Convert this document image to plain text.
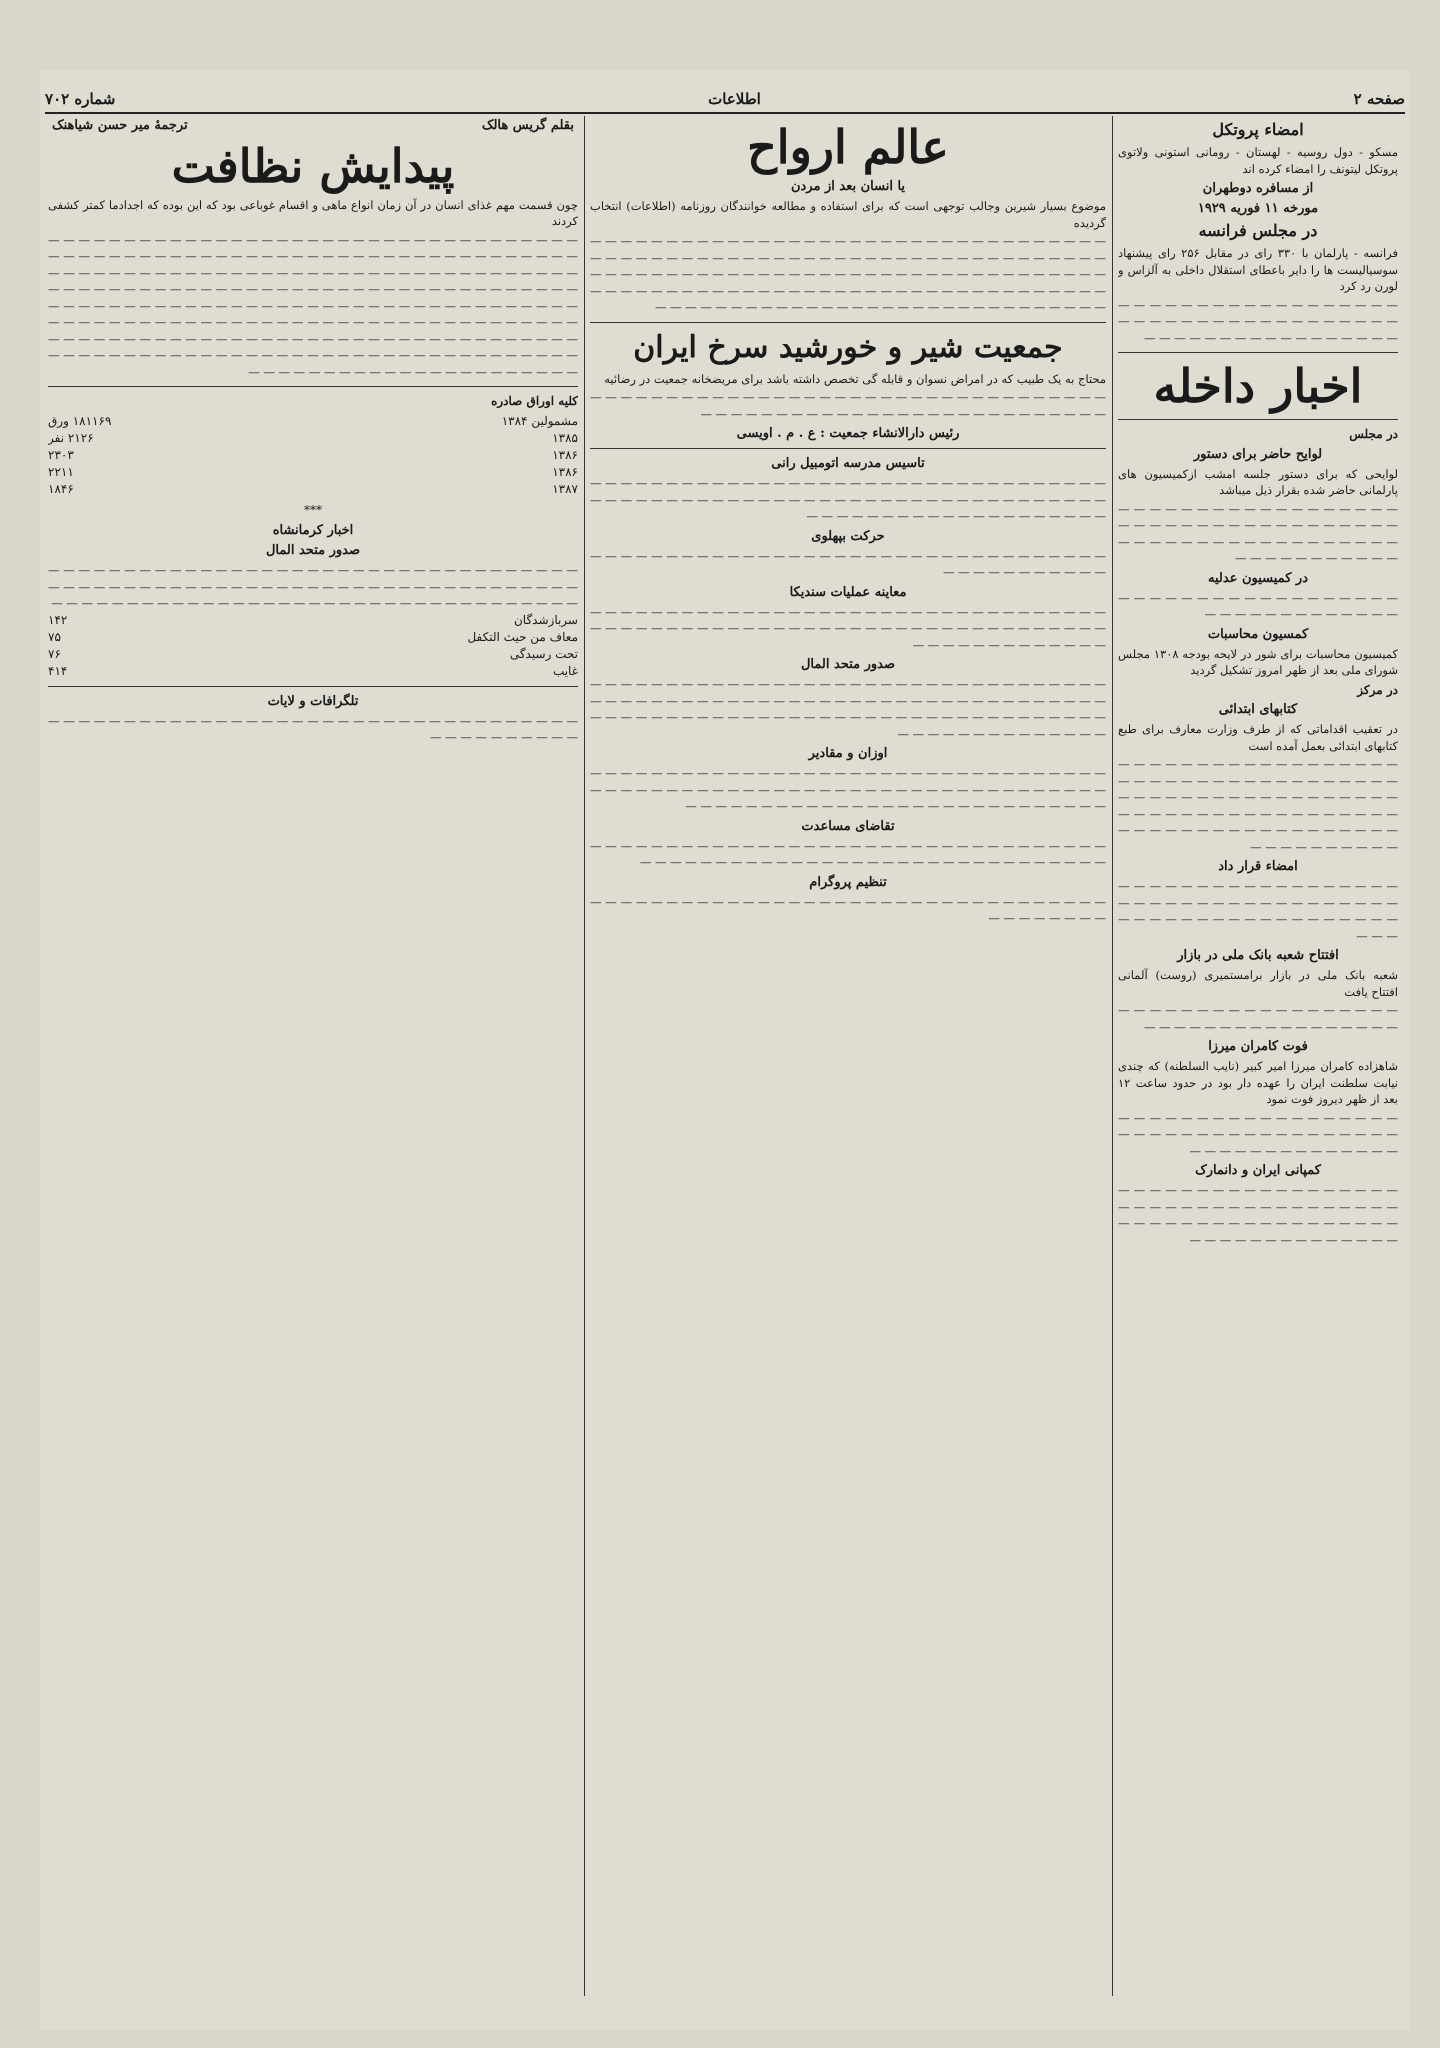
صفحه ۲
اطلاعات
شماره ۷۰۲
امضاء پروتکل

مسکو - دول روسیه - لهستان - رومانی استونی ولاتوی پروتکل لیتونف را امضاء کرده اند

از مسافره دوطهران
مورخه ۱۱ فوریه ۱۹۲۹
در مجلس فرانسه

فرانسه - پارلمان با ۳۳۰ رای در مقابل ۲۵۶ رای پیشنهاد سوسیالیست ها را دایر باعطای استقلال داخلی به آلزاس و لورن رد کرد

— — — — — — — — — — — — — — — — — — — — — — — — — — — — — — — — — — — — — — — — — — — — — — — — — — — — —

اخبار داخله
در مجلس
لوایح حاضر برای دستور

لوایحی که برای دستور جلسه امشب ازکمیسیون های پارلمانی حاضر شده بقرار ذیل میباشد

— — — — — — — — — — — — — — — — — — — — — — — — — — — — — — — — — — — — — — — — — — — — — — — — — — — — — — — — — — — — — — — — —

در کمیسیون عدلیه

— — — — — — — — — — — — — — — — — — — — — — — — — — — — — — —

کمسیون محاسبات

کمیسیون محاسبات برای شور در لایحه بودجه ۱۳۰۸ مجلس شورای ملی بعد از ظهر امروز تشکیل گردید

در مرکز
کتابهای ابتدائی

در تعقیب اقداماتی که از طرف وزارت معارف برای طبع کتابهای ابتدائی بعمل آمده است

— — — — — — — — — — — — — — — — — — — — — — — — — — — — — — — — — — — — — — — — — — — — — — — — — — — — — — — — — — — — — — — — — — — — — — — — — — — — — — — — — — — — — — — — — — — — — — — — — — — —

امضاء قرار داد

— — — — — — — — — — — — — — — — — — — — — — — — — — — — — — — — — — — — — — — — — — — — — — — — — — — — — — — — —

افتتاح شعبه بانک ملی در بازار

شعبه بانک ملی در بازار برامستمیری (روست) آلمانی افتتاح یافت

— — — — — — — — — — — — — — — — — — — — — — — — — — — — — — — — — — —

فوت کامران میرزا

شاهزاده کامران میرزا امیر کبیر (نایب السلطنه) که چندی نیابت سلطنت ایران را عهده دار بود در حدود ساعت ۱۲ بعد از ظهر دیروز فوت نمود

— — — — — — — — — — — — — — — — — — — — — — — — — — — — — — — — — — — — — — — — — — — — — — — — — —

کمپانی ایران و دانمارک

— — — — — — — — — — — — — — — — — — — — — — — — — — — — — — — — — — — — — — — — — — — — — — — — — — — — — — — — — — — — — — — — — — — —

عالم ارواح
یا انسان بعد از مردن

موضوع بسیار شیرین وجالب توجهی است که برای استفاده و مطالعه خوانندگان روزنامه (اطلاعات) انتخاب گردیده

— — — — — — — — — — — — — — — — — — — — — — — — — — — — — — — — — — — — — — — — — — — — — — — — — — — — — — — — — — — — — — — — — — — — — — — — — — — — — — — — — — — — — — — — — — — — — — — — — — — — — — — — — — — — — — — — — — — — — — — — — — — — — — — — — — — — — — — — — — — — — — — — — — — — — — — — — — — — — — — — — — — — — —

جمعیت شیر و خورشید سرخ ایران

محتاج به یک طبیب که در امراض نسوان و قابله گی تخصص داشته باشد برای مریضخانه جمعیت در رضائیه

— — — — — — — — — — — — — — — — — — — — — — — — — — — — — — — — — — — — — — — — — — — — — — — — — — — — — — — — — — — — —

رئیس دارالانشاء جمعیت : ع . م . اویسی
تاسیس مدرسه اتومبیل رانی

— — — — — — — — — — — — — — — — — — — — — — — — — — — — — — — — — — — — — — — — — — — — — — — — — — — — — — — — — — — — — — — — — — — — — — — — — — — — — — — — — — — — — — — —

حرکت بپهلوی

— — — — — — — — — — — — — — — — — — — — — — — — — — — — — — — — — — — — — — — — — — — — —

معاینه عملیات سندیکا

— — — — — — — — — — — — — — — — — — — — — — — — — — — — — — — — — — — — — — — — — — — — — — — — — — — — — — — — — — — — — — — — — — — — — — — — — — — — — — — — —

صدور متحد المال

— — — — — — — — — — — — — — — — — — — — — — — — — — — — — — — — — — — — — — — — — — — — — — — — — — — — — — — — — — — — — — — — — — — — — — — — — — — — — — — — — — — — — — — — — — — — — — — — — — — — — — — — — — — — — — — — — — — —

اوزان و مقادیر

— — — — — — — — — — — — — — — — — — — — — — — — — — — — — — — — — — — — — — — — — — — — — — — — — — — — — — — — — — — — — — — — — — — — — — — — — — — — — — — — — — — — — — — — — — — — — — — —

تقاضای مساعدت

— — — — — — — — — — — — — — — — — — — — — — — — — — — — — — — — — — — — — — — — — — — — — — — — — — — — — — — — — — — — — — — — —

تنظیم پروگرام

— — — — — — — — — — — — — — — — — — — — — — — — — — — — — — — — — — — — — — — — — —

بقلم گریس هالک
ترجمهٔ میر حسن شیاهنک
پیدایش نظافت

چون قسمت مهم غذای انسان در آن زمان انواع ماهی و اقسام غوباعی بود که این بوده که اجدادما کمتر کشفی کردند

— — — — — — — — — — — — — — — — — — — — — — — — — — — — — — — — — — — — — — — — — — — — — — — — — — — — — — — — — — — — — — — — — — — — — — — — — — — — — — — — — — — — — — — — — — — — — — — — — — — — — — — — — — — — — — — — — — — — — — — — — — — — — — — — — — — — — — — — — — — — — — — — — — — — — — — — — — — — — — — — — — — — — — — — — — — — — — — — — — — — — — — — — — — — — — — — — — — — — — — — — — — — — — — — — — — — — — — — — — — — — — — — — — — — — — — — — — — — — — — — — — — — — — — — — — — — — — — — — — — — — — — — — — — — — — — — — — — — — — — — — — — — — — — — — — — — — — — — — — — — — —

کلیه اوراق صادره
مشمولین ۱۳۸۴
۱۸۱۱۶۹ ورق
۱۳۸۵
۲۱۲۶ نفر
۱۳۸۶
۲۳۰۳
۱۳۸۶
۲۲۱۱
۱۳۸۷
۱۸۴۶
***
اخبار کرمانشاه
صدور متحد المال

— — — — — — — — — — — — — — — — — — — — — — — — — — — — — — — — — — — — — — — — — — — — — — — — — — — — — — — — — — — — — — — — — — — — — — — — — — — — — — — — — — — — — — — — — — — — — — — — — — — — — — — — —

سربازشدگان
۱۴۲
معاف من حیث التکفل
۷۵
تحت رسیدگی
۷۶
غایب
۴۱۴
تلگرافات و لایات

— — — — — — — — — — — — — — — — — — — — — — — — — — — — — — — — — — — — — — — — — — — — —
